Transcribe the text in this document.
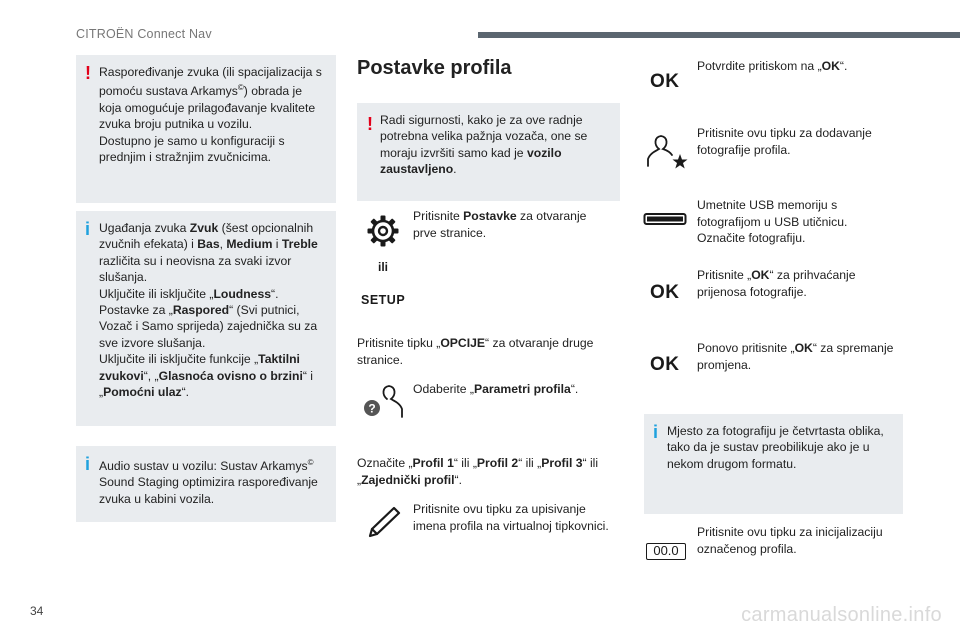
CITROËN Connect Nav
! Raspoređivanje zvuka (ili spacijalizacija s pomoću sustava Arkamys©) obrada je koja omogućuje prilagođavanje kvalitete zvuka broju putnika u vozilu.

Dostupno je samo u konfiguraciji s prednjim i stražnjim zvučnicima.

i Ugađanja zvuka Zvuk (šest opcionalnih zvučnih efekata) i Bas, Medium i Treble različita su i neovisna za svaki izvor slušanja.

Uključite ili isključite „Loudness“.

Postavke za „Raspored“ (Svi putnici, Vozač i Samo sprijeda) zajednička su za sve izvore slušanja.

Uključite ili isključite funkcije „Taktilni zvukovi“, „Glasnoća ovisno o brzini“ i „Pomoćni ulaz“.

i Audio sustav u vozilu: Sustav Arkamys© Sound Staging optimizira raspoređivanje zvuka u kabini vozila.

Postavke profila
! Radi sigurnosti, kako je za ove radnje potrebna velika pažnja vozača, one se moraju izvršiti samo kad je vozilo zaustavljeno.

Pritisnite Postavke za otvaranje prve stranice.
ili
SETUP
Pritisnite tipku „OPCIJE“ za otvaranje druge stranice.
?
Odaberite „Parametri profila“.
Označite „Profil 1“ ili „Profil 2“ ili „Profil 3“ ili „Zajednički profil“.
Pritisnite ovu tipku za upisivanje imena profila na virtualnoj tipkovnici.
OK
Potvrdite pritiskom na „OK“.
Pritisnite ovu tipku za dodavanje fotografije profila.
Umetnite USB memoriju s fotografijom u USB utičnicu.
Označite fotografiju.
OK
Pritisnite „OK“ za prihvaćanje prijenosa fotografije.
OK
Ponovo pritisnite „OK“ za spremanje promjena.
i Mjesto za fotografiju je četvrtasta oblika, tako da je sustav preobilikuje ako je u nekom drugom formatu.

00.0
Pritisnite ovu tipku za inicijalizaciju označenog profila.
34	carmanualsonline.info
